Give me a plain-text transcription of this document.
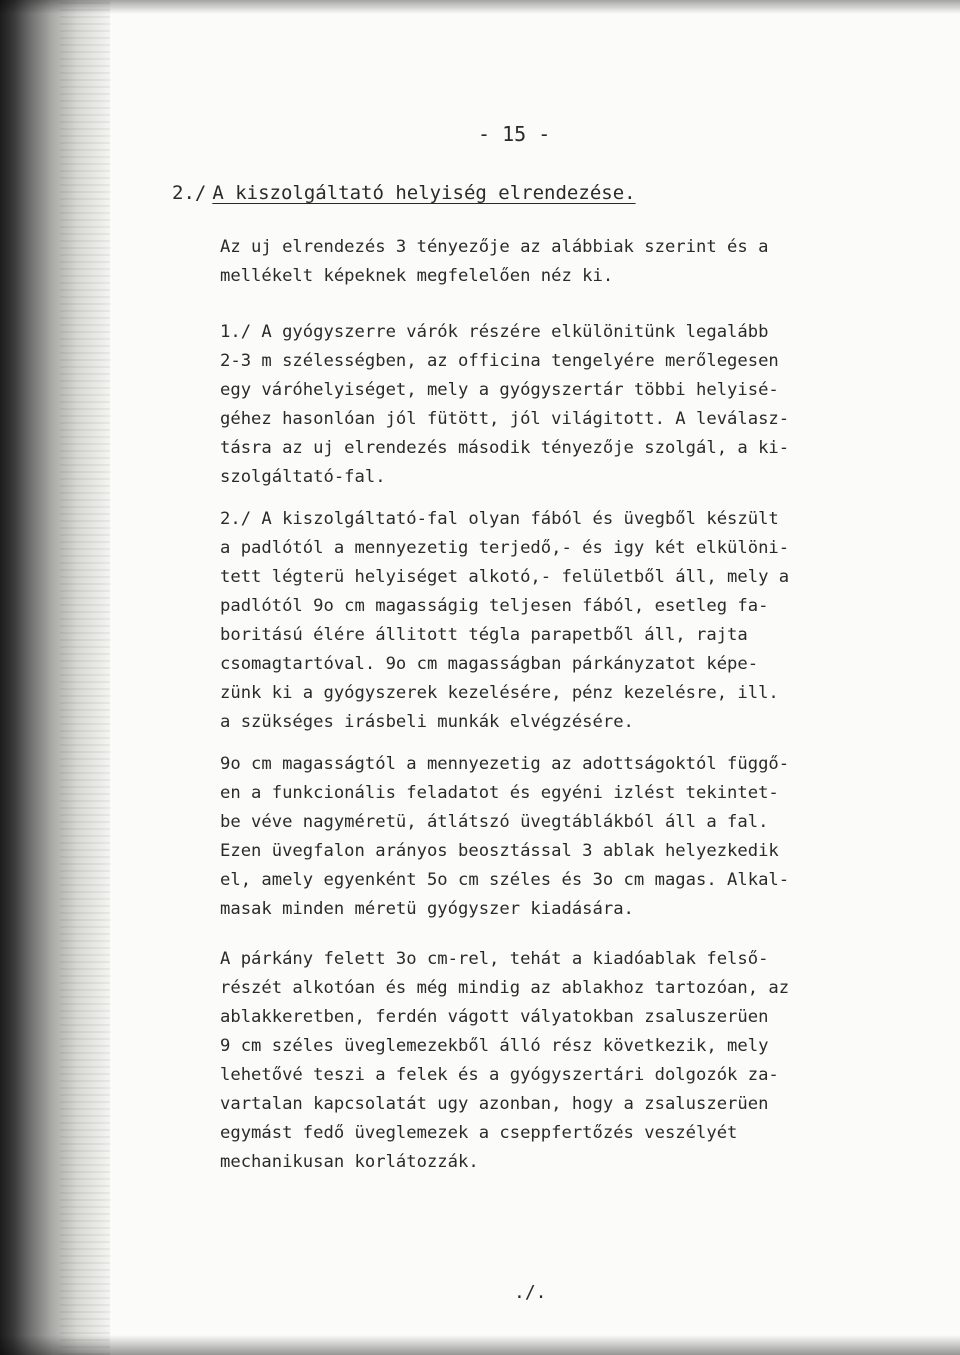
- 15 -
2./ A kiszolgáltató helyiség elrendezése.
Az uj elrendezés 3 tényezője az alábbiak szerint és a
mellékelt képeknek megfelelően néz ki.
1./ A gyógyszerre várók részére elkülönitünk legalább
2-3 m szélességben, az officina tengelyére merőlegesen
egy váróhelyiséget, mely a gyógyszertár többi helyisé-
géhez hasonlóan jól fütött, jól világitott. A leválasz-
tásra az uj elrendezés második tényezője szolgál, a ki-
szolgáltató-fal.
2./ A kiszolgáltató-fal olyan fából és üvegből készült
a padlótól a mennyezetig terjedő,- és igy két elkülöni-
tett légterü helyiséget alkotó,- felületből áll, mely a
padlótól 9o cm magasságig teljesen fából, esetleg fa-
boritású élére állitott tégla parapetből áll, rajta
csomagtartóval. 9o cm magasságban párkányzatot képe-
zünk ki a gyógyszerek kezelésére, pénz kezelésre, ill.
a szükséges irásbeli munkák elvégzésére.
9o cm magasságtól a mennyezetig az adottságoktól függő-
en a funkcionális feladatot és egyéni izlést tekintet-
be véve nagyméretü, átlátszó üvegtáblákból áll a fal.
Ezen üvegfalon arányos beosztással 3 ablak helyezkedik
el, amely egyenként 5o cm széles és 3o cm magas. Alkal-
masak minden méretü gyógyszer kiadására.
A párkány felett 3o cm-rel, tehát a kiadóablak felső-
részét alkotóan és még mindig az ablakhoz tartozóan, az
ablakkeretben, ferdén vágott vályatokban zsaluszerüen
9 cm széles üveglemezekből álló rész következik, mely
lehetővé teszi a felek és a gyógyszertári dolgozók za-
vartalan kapcsolatát ugy azonban, hogy a zsaluszerüen
egymást fedő üveglemezek a cseppfertőzés veszélyét
mechanikusan korlátozzák.
./.
